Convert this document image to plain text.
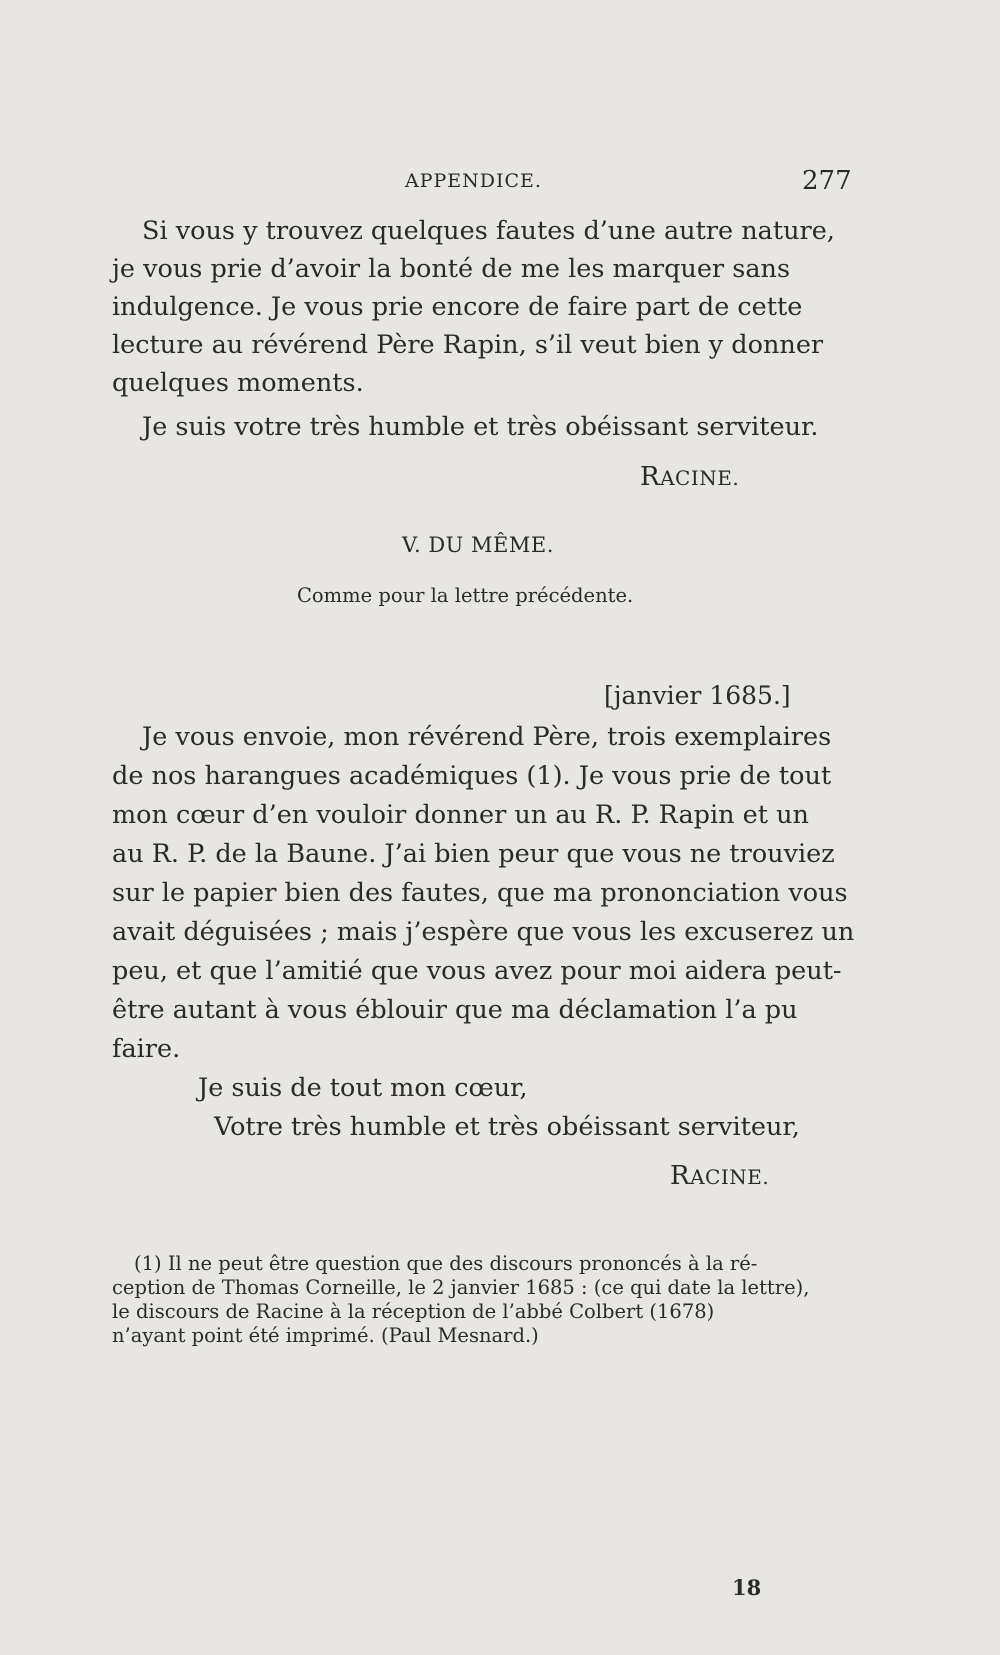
APPENDICE.	277
Si vous y trouvez quelques fautes d’une autre nature,
je vous prie d’avoir la bonté de me les marquer sans
indulgence. Je vous prie encore de faire part de cette
lecture au révérend Père Rapin, s’il veut bien y donner
quelques moments.
Je suis votre très humble et très obéissant serviteur.
RACINE.
V. DU MÊME.
Comme pour la lettre précédente.
[janvier 1685.]
Je vous envoie, mon révérend Père, trois exemplaires
de nos harangues académiques (1). Je vous prie de tout
mon cœur d’en vouloir donner un au R. P. Rapin et un
au R. P. de la Baune. J’ai bien peur que vous ne trouviez
sur le papier bien des fautes, que ma prononciation vous
avait déguisées ; mais j’espère que vous les excuserez un
peu, et que l’amitié que vous avez pour moi aidera peut-
être autant à vous éblouir que ma déclamation l’a pu
faire.
Je suis de tout mon cœur,
Votre très humble et très obéissant serviteur,
RACINE.
(1) Il ne peut être question que des discours prononcés à la ré-
ception de Thomas Corneille, le 2 janvier 1685 : (ce qui date la lettre),
le discours de Racine à la réception de l’abbé Colbert (1678)
n’ayant point été imprimé. (Paul Mesnard.)
18
